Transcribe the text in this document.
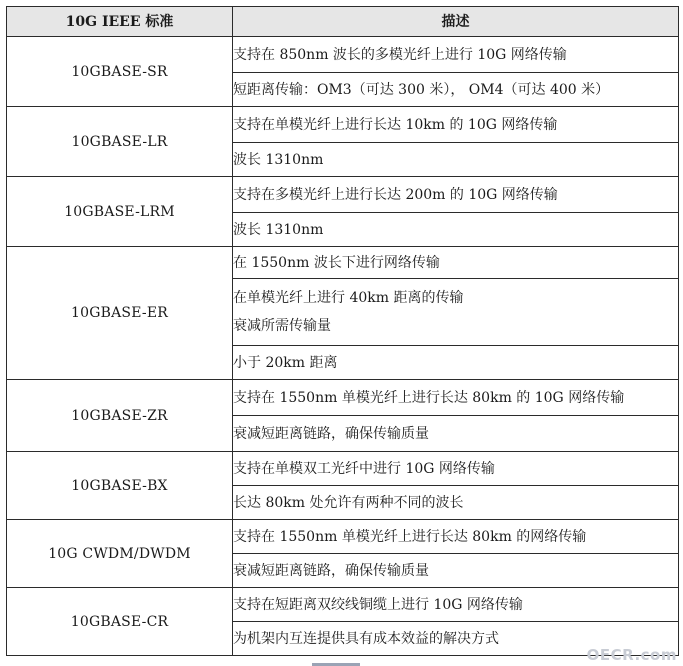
10G IEEE 标准	描述
10GBASE-SR	支持在 850nm 波长的多模光纤上进行 10G 网络传输

	短距离传输：OM3（可达 300 米）， OM4（可达 400 米）

10GBASE-LR	支持在单模光纤上进行长达 10km 的 10G 网络传输

	波长 1310nm

10GBASE-LRM	支持在多模光纤上进行长达 200m 的 10G 网络传输

	波长 1310nm

10GBASE-ER	在 1550nm 波长下进行网络传输

	在单模光纤上进行 40km 距离的传输
衰减所需传输量

	小于 20km 距离

10GBASE-ZR	支持在 1550nm 单模光纤上进行长达 80km 的 10G 网络传输

	衰减短距离链路，确保传输质量

10GBASE-BX	支持在单模双工光纤中进行 10G 网络传输

	长达 80km 处允许有两种不同的波长

10G CWDM/DWDM	支持在 1550nm 单模光纤上进行长达 80km 的网络传输

	衰减短距离链路，确保传输质量

10GBASE-CR	支持在短距离双绞线铜缆上进行 10G 网络传输

	为机架内互连提供具有成本效益的解决方式
OECR.com
